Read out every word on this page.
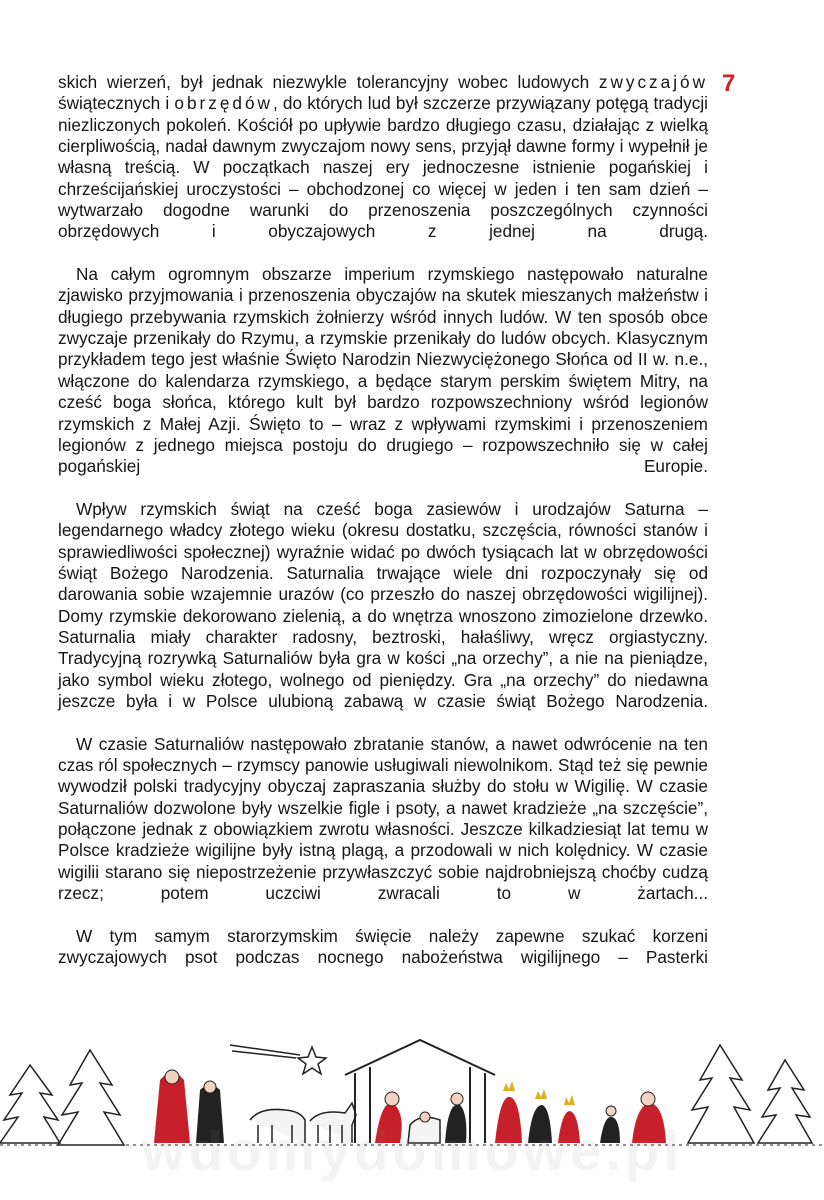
7

skich wierzeń, był jednak niezwykle tolerancyjny wobec ludowych zwyczajów świątecznych i obrzędów, do których lud był szczerze przywiązany potęgą tradycji niezliczonych pokoleń. Kościół po upływie bardzo długiego czasu, działając z wielką cierpliwością, nadał dawnym zwyczajom nowy sens, przyjął dawne formy i wypełnił je własną treścią. W początkach naszej ery jednoczesne istnienie pogańskiej i chrześcijańskiej uroczystości – obchodzonej co więcej w jeden i ten sam dzień – wytwarzało dogodne warunki do przenoszenia poszczególnych czynności obrzędowych i obyczajowych z jednej na drugą.

Na całym ogromnym obszarze imperium rzymskiego następowało naturalne zjawisko przyjmowania i przenoszenia obyczajów na skutek mieszanych małżeństw i długiego przebywania rzymskich żołnierzy wśród innych ludów. W ten sposób obce zwyczaje przenikały do Rzymu, a rzymskie przenikały do ludów obcych. Klasycznym przykładem tego jest właśnie Święto Narodzin Niezwyciężonego Słońca od II w. n.e., włączone do kalendarza rzymskiego, a będące starym perskim świętem Mitry, na cześć boga słońca, którego kult był bardzo rozpowszechniony wśród legionów rzymskich z Małej Azji. Święto to – wraz z wpływami rzymskimi i przenoszeniem legionów z jednego miejsca postoju do drugiego – rozpowszechniło się w całej pogańskiej Europie.

Wpływ rzymskich świąt na cześć boga zasiewów i urodzajów Saturna – legendarnego władcy złotego wieku (okresu dostatku, szczęścia, równości stanów i sprawiedliwości społecznej) wyraźnie widać po dwóch tysiącach lat w obrzędowości świąt Bożego Narodzenia. Saturnalia trwające wiele dni rozpoczynały się od darowania sobie wzajemnie urazów (co przeszło do naszej obrzędowości wigilijnej). Domy rzymskie dekorowano zielenią, a do wnętrza wnoszono zimozielone drzewko. Saturnalia miały charakter radosny, beztroski, hałaśliwy, wręcz orgiastyczny. Tradycyjną rozrywką Saturnaliów była gra w kości „na orzechy”, a nie na pieniądze, jako symbol wieku złotego, wolnego od pieniędzy. Gra „na orzechy” do niedawna jeszcze była i w Polsce ulubioną zabawą w czasie świąt Bożego Narodzenia.

W czasie Saturnaliów następowało zbratanie stanów, a nawet odwrócenie na ten czas ról społecznych – rzymscy panowie usługiwali niewolnikom. Stąd też się pewnie wywodził polski tradycyjny obyczaj zapraszania służby do stołu w Wigilię. W czasie Saturnaliów dozwolone były wszelkie figle i psoty, a nawet kradzieże „na szczęście”, połączone jednak z obowiązkiem zwrotu własności. Jeszcze kilkadziesiąt lat temu w Polsce kradzieże wigilijne były istną plagą, a przodowali w nich kolędnicy. W czasie wigilii starano się niepostrzeżenie przywłaszczyć sobie najdrobniejszą choćby cudzą rzecz; potem uczciwi zwracali to w żartach...

W tym samym starorzymskim święcie należy zapewne szukać korzeni zwyczajowych psot podczas nocnego nabożeństwa wigilijnego – Pasterki

wdomydomowe.pl
